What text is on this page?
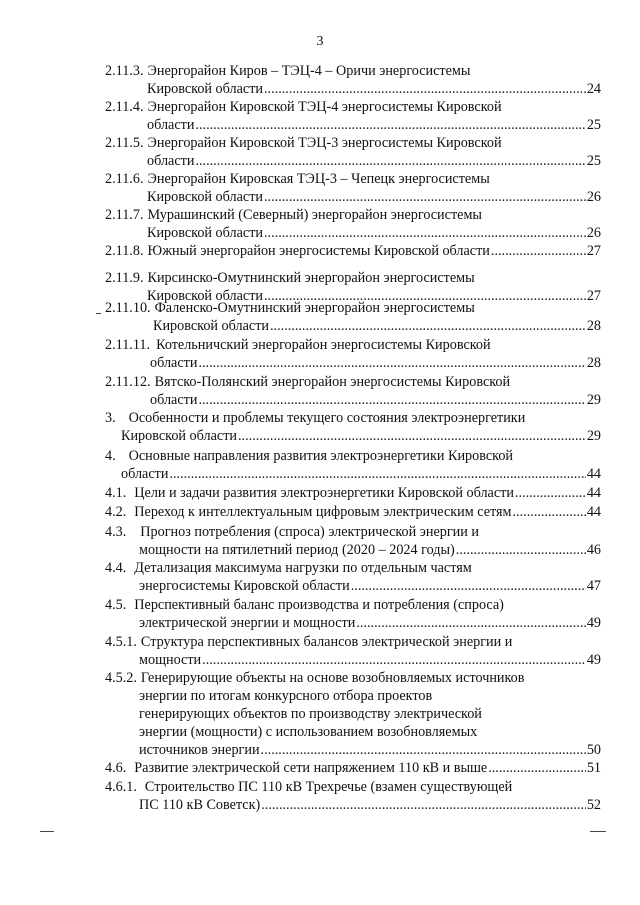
3
2.11.3. Энергорайон Киров – ТЭЦ-4 – Оричи энергосистемы
Кировской области .....	24
2.11.4. Энергорайон Кировской ТЭЦ-4 энергосистемы Кировской
области .....	25
2.11.5. Энергорайон Кировской ТЭЦ-3 энергосистемы Кировской
области .....	25
2.11.6. Энергорайон Кировская ТЭЦ-3 – Чепецк энергосистемы
Кировской области .....	26
2.11.7. Мурашинский (Северный) энергорайон энергосистемы
Кировской области .....	26
2.11.8. Южный энергорайон энергосистемы Кировской области .....	27
2.11.9. Кирсинско-Омутнинский энергорайон энергосистемы
Кировской области .....	27
2.11.10. Фаленско-Омутнинский энергорайон энергосистемы
Кировской области .....	28
2.11.11. Котельничский энергорайон энергосистемы Кировской
области .....	28
2.11.12. Вятско-Полянский энергорайон энергосистемы Кировской
области .....	29
3. Особенности и проблемы текущего состояния электроэнергетики
Кировской области .....	29
4. Основные направления развития электроэнергетики Кировской
области .....	44
4.1. Цели и задачи развития электроэнергетики Кировской области .....	44
4.2. Переход к интеллектуальным цифровым электрическим сетям .....	44
4.3. Прогноз потребления (спроса) электрической энергии и
мощности на пятилетний период (2020 – 2024 годы) .....	46
4.4. Детализация максимума нагрузки по отдельным частям
энергосистемы Кировской области .....	47
4.5. Перспективный баланс производства и потребления (спроса)
электрической энергии и мощности .....	49
4.5.1. Структура перспективных балансов электрической энергии и
мощности .....	49
4.5.2. Генерирующие объекты на основе возобновляемых источников
энергии по итогам конкурсного отбора проектов
генерирующих объектов по производству электрической
энергии (мощности) с использованием возобновляемых
источников энергии .....	50
4.6. Развитие электрической сети напряжением 110 кВ и выше .....	51
4.6.1. Строительство ПС 110 кВ Трехречье (взамен существующей
ПС 110 кВ Советск) .....	52
